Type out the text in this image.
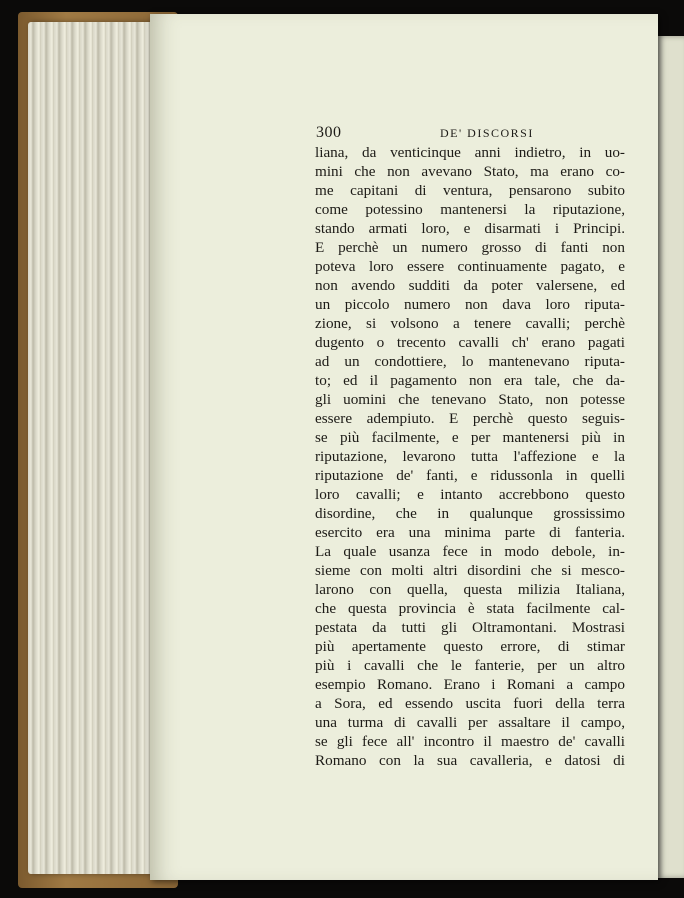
300	DE' DISCORSI
liana, da venticinque anni indietro, in uo-
mini che non avevano Stato, ma erano co-
me capitani di ventura, pensarono subito
come potessino mantenersi la riputazione,
stando armati loro, e disarmati i Principi.
E perchè un numero grosso di fanti non
poteva loro essere continuamente pagato, e
non avendo sudditi da poter valersene, ed
un piccolo numero non dava loro riputa-
zione, si volsono a tenere cavalli; perchè
dugento o trecento cavalli ch' erano pagati
ad un condottiere, lo mantenevano riputa-
to; ed il pagamento non era tale, che da-
gli uomini che tenevano Stato, non potesse
essere adempiuto. E perchè questo seguis-
se più facilmente, e per mantenersi più in
riputazione, levarono tutta l'affezione e la
riputazione de' fanti, e ridussonla in quelli
loro cavalli; e intanto accrebbono questo
disordine, che in qualunque grossissimo
esercito era una minima parte di fanteria.
La quale usanza fece in modo debole, in-
sieme con molti altri disordini che si mesco-
larono con quella, questa milizia Italiana,
che questa provincia è stata facilmente cal-
pestata da tutti gli Oltramontani. Mostrasi
più apertamente questo errore, di stimar
più i cavalli che le fanterie, per un altro
esempio Romano. Erano i Romani a campo
a Sora, ed essendo uscita fuori della terra
una turma di cavalli per assaltare il campo,
se gli fece all' incontro il maestro de' cavalli
Romano con la sua cavalleria, e datosi di
